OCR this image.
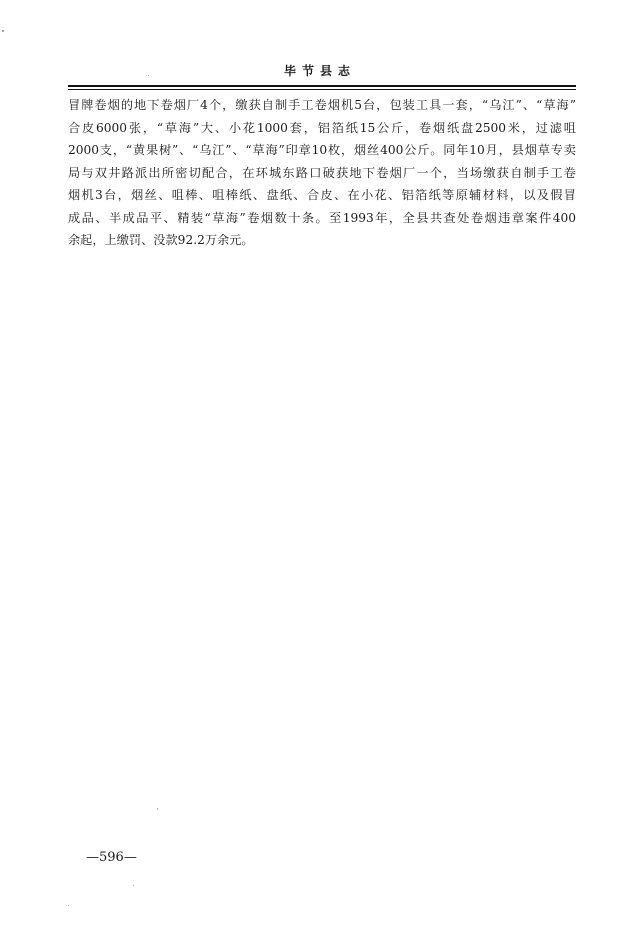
毕节县志
冒牌卷烟的地下卷烟厂4个，缴获自制手工卷烟机5台，包装工具一套，“乌江”、“草海”
合皮6000张，“草海”大、小花1000套，铝箔纸15公斤，卷烟纸盘2500米，过滤咀
2000支，“黄果树”、“乌江”、“草海”印章10枚，烟丝400公斤。同年10月，县烟草专卖
局与双井路派出所密切配合，在环城东路口破获地下卷烟厂一个，当场缴获自制手工卷
烟机3台，烟丝、咀棒、咀棒纸、盘纸、合皮、在小花、铝箔纸等原辅材料，以及假冒
成品、半成品平、精装“草海”卷烟数十条。至1993年，全县共查处卷烟违章案件400
余起，上缴罚、没款92.2万余元。
—596—
